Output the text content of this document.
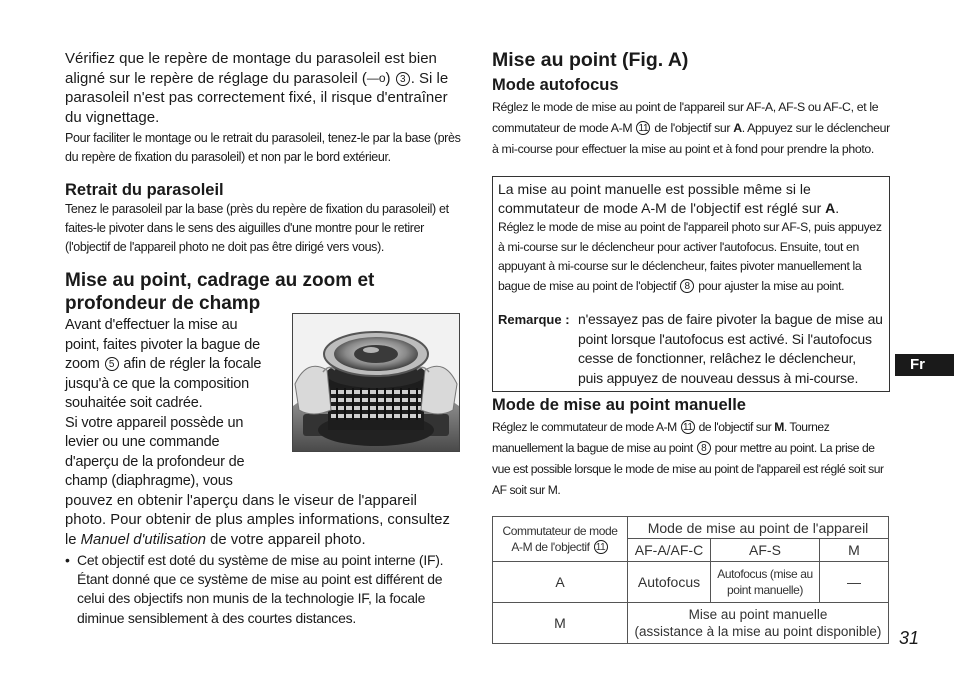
Vérifiez que le repère de montage du parasoleil est bien aligné sur le repère de réglage du parasoleil (—o) 3 . Si le parasoleil n'est pas correctement fixé, il risque d'entraîner du vignettage.

Pour faciliter le montage ou le retrait du parasoleil, tenez-le par la base (près du repère de fixation du parasoleil) et non par le bord extérieur.

Retrait du parasoleil

Tenez le parasoleil par la base (près du repère de fixation du parasoleil) et faites-le pivoter dans le sens des aiguilles d'une montre pour le retirer (l'objectif de l'appareil photo ne doit pas être dirigé vers vous).

Mise au point, cadrage au zoom et profondeur de champ

Avant d'effectuer la mise au

point, faites pivoter la bague de

zoom 5 afin de régler la focale

jusqu'à ce que la composition

souhaitée soit cadrée.

Si votre appareil possède un

levier ou une commande

d'aperçu de la profondeur de

champ (diaphragme), vous

pouvez en obtenir l'aperçu dans le viseur de l'appareil photo. Pour obtenir de plus amples informations, consultez le Manuel d'utilisation de votre appareil photo.

• Cet objectif est doté du système de mise au point interne (IF). Étant donné que ce système de mise au point est différent de celui des objectifs non munis de la technologie IF, la focale diminue sensiblement à des courtes distances.

Mise au point (Fig. A)

Mode autofocus

Réglez le mode de mise au point de l'appareil sur AF-A, AF-S ou AF-C, et le commutateur de mode A-M 11 de l'objectif sur A. Appuyez sur le déclencheur à mi-course pour effectuer la mise au point et à fond pour prendre la photo.

La mise au point manuelle est possible même si le commutateur de mode A-M de l'objectif est réglé sur A.

Réglez le mode de mise au point de l'appareil photo sur AF-S, puis appuyez à mi-course sur le déclencheur pour activer l'autofocus. Ensuite, tout en appuyant à mi-course sur le déclencheur, faites pivoter manuellement la bague de mise au point de l'objectif 8 pour ajuster la mise au point.

Remarque : n'essayez pas de faire pivoter la bague de mise au point lorsque l'autofocus est activé. Si l'autofocus cesse de fonctionner, relâchez le déclencheur, puis appuyez de nouveau dessus à mi-course.

Mode de mise au point manuelle

Réglez le commutateur de mode A-M 11 de l'objectif sur M. Tournez manuellement la bague de mise au point 8 pour mettre au point. La prise de vue est possible lorsque le mode de mise au point de l'appareil est réglé soit sur AF soit sur M.

Commutateur de mode A-M de l'objectif 11	Mode de mise au point de l'appareil		
	AF-A/AF-C	AF-S	M
A	Autofocus	Autofocus (mise au point manuelle)	—
M	Mise au point manuelle
(assistance à la mise au point disponible)		
Fr
31
